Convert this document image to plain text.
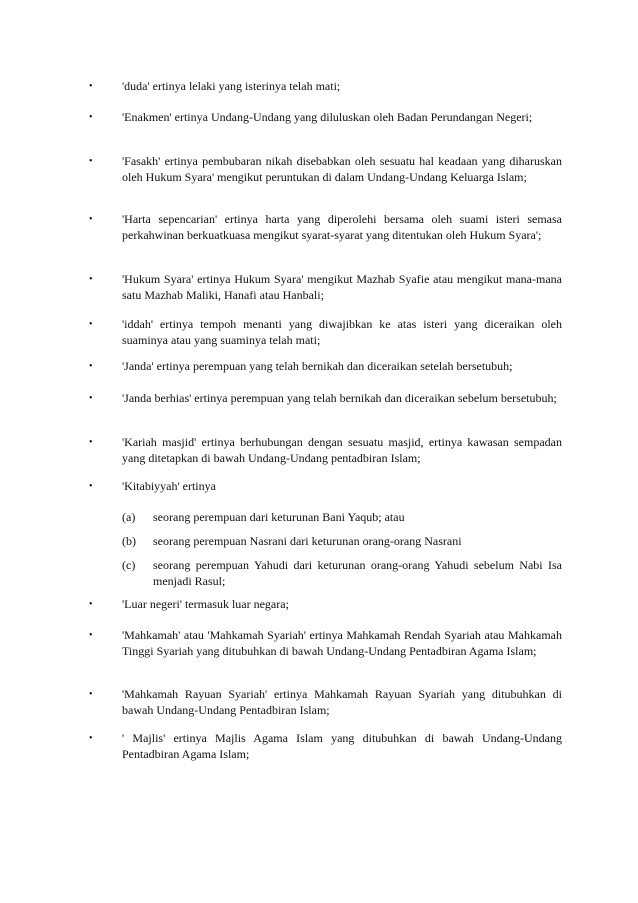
•	'duda' ertinya lelaki yang isterinya telah mati;
•	'Enakmen' ertinya Undang-Undang yang diluluskan oleh Badan Perundangan Negeri;
•	'Fasakh' ertinya pembubaran nikah disebabkan oleh sesuatu hal keadaan yang diharuskan oleh Hukum Syara' mengikut peruntukan di dalam Undang-Undang Keluarga Islam;
•	'Harta sepencarian' ertinya harta yang diperolehi bersama oleh suami isteri semasa perkahwinan berkuatkuasa mengikut syarat-syarat yang ditentukan oleh Hukum Syara';
•	'Hukum Syara' ertinya Hukum Syara' mengikut Mazhab Syafie atau mengikut mana-mana satu Mazhab Maliki, Hanafi atau Hanbali;
•	'iddah' ertinya tempoh menanti yang diwajibkan ke atas isteri yang diceraikan oleh suaminya atau yang suaminya telah mati;
•	'Janda' ertinya perempuan yang telah bernikah dan diceraikan setelah bersetubuh;
•	'Janda berhias' ertinya perempuan yang telah bernikah dan diceraikan sebelum bersetubuh;
•	'Kariah masjid' ertinya berhubungan dengan sesuatu masjid, ertinya kawasan sempadan yang ditetapkan di bawah Undang-Undang pentadbiran Islam;
•	'Kitabiyyah' ertinya
(a)	seorang perempuan dari keturunan Bani Yaqub; atau
(b)	seorang perempuan Nasrani dari keturunan orang-orang Nasrani
(c)	seorang perempuan Yahudi dari keturunan orang-orang Yahudi sebelum Nabi Isa menjadi Rasul;
•	'Luar negeri' termasuk luar negara;
•	'Mahkamah' atau 'Mahkamah Syariah' ertinya Mahkamah Rendah Syariah atau Mahkamah Tinggi Syariah yang ditubuhkan di bawah Undang-Undang Pentadbiran Agama Islam;
•	'Mahkamah Rayuan Syariah' ertinya Mahkamah Rayuan Syariah yang ditubuhkan di bawah Undang-Undang Pentadbiran Islam;
•	' Majlis' ertinya Majlis Agama Islam yang ditubuhkan di bawah Undang-Undang Pentadbiran Agama Islam;
